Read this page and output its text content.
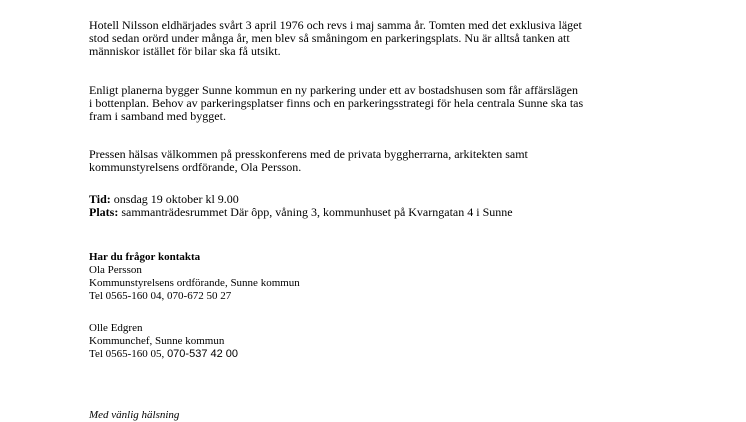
Hotell Nilsson eldhärjades svårt 3 april 1976 och revs i maj samma år. Tomten med det exklusiva läget
stod sedan orörd under många år, men blev så småningom en parkeringsplats. Nu är alltså tanken att
människor istället för bilar ska få utsikt.
Enligt planerna bygger Sunne kommun en ny parkering under ett av bostadshusen som får affärslägen
i bottenplan. Behov av parkeringsplatser finns och en parkeringsstrategi för hela centrala Sunne ska tas
fram i samband med bygget.
Pressen hälsas välkommen på presskonferens med de privata byggherrarna, arkitekten samt
kommunstyrelsens ordförande, Ola Persson.
Tid: onsdag 19 oktober kl 9.00
Plats: sammanträdesrummet Där ôpp, våning 3, kommunhuset på Kvarngatan 4 i Sunne
Har du frågor kontakta
Ola Persson
Kommunstyrelsens ordförande, Sunne kommun
Tel 0565-160 04, 070-672 50 27
Olle Edgren
Kommunchef, Sunne kommun
Tel 0565-160 05, 070-537 42 00
Med vänlig hälsning
